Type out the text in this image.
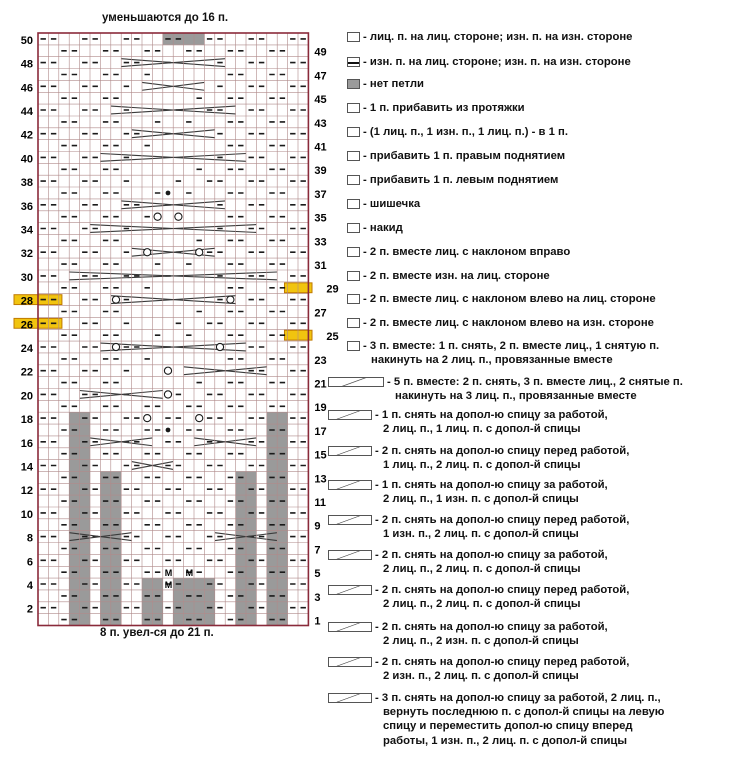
уменьшаются до 16 п.
M M
M
50
48
46
44
42
40
38
36
34
32
30
28
26
24
22
20
18
16
14
12
10
8
6
4
2
49
47
45
43
41
39
37
35
33
31
29
27
25
23
21
19
17
15
13
11
9
7
5
3
1
8 п. увел-ся до 21 п.
- лиц. п. на лиц. стороне; изн. п. на изн. стороне
- изн. п. на лиц. стороне; изн. п. на изн. стороне
- нет петли
- 1 п. прибавить из протяжки
- (1 лиц. п., 1 изн. п., 1 лиц. п.) - в 1 п.
- прибавить 1 п. правым поднятием
- прибавить 1 п. левым поднятием
- шишечка
- накид
- 2 п. вместе лиц. с наклоном вправо
- 2 п. вместе изн. на лиц. стороне
- 2 п. вместе лиц. с наклоном влево на лиц. стороне
- 2 п. вместе лиц. с наклоном влево на изн. стороне
- 3 п. вместе: 1 п. снять, 2 п. вместе лиц., 1 снятую п.
накинуть на 2 лиц. п., провязанные вместе
- 5 п. вместе: 2 п. снять, 3 п. вместе лиц., 2 снятые п.
накинуть на 3 лиц. п., провязанные вместе
- 1 п. снять на допол-ю спицу за работой,
2 лиц. п., 1 лиц. п. с допол-й спицы
- 2 п. снять на допол-ю спицу перед работой,
1 лиц. п., 2 лиц. п. с допол-й спицы
- 1 п. снять на допол-ю спицу за работой,
2 лиц. п., 1 изн. п. с допол-й спицы
- 2 п. снять на допол-ю спицу перед работой,
1 изн. п., 2 лиц. п. с допол-й спицы
- 2 п. снять на допол-ю спицу за работой,
2 лиц. п., 2 лиц. п. с допол-й спицы
- 2 п. снять на допол-ю спицу перед работой,
2 лиц. п., 2 лиц. п. с допол-й спицы
- 2 п. снять на допол-ю спицу за работой,
2 лиц. п., 2 изн. п. с допол-й спицы
- 2 п. снять на допол-ю спицу перед работой,
2 изн. п., 2 лиц. п. с допол-й спицы
- 3 п. снять на допол-ю спицу за работой, 2 лиц. п.,
вернуть последнюю п. с допол-й спицы на левую
спицу и переместить допол-ю спицу вперед
работы, 1 изн. п., 2 лиц. п. с допол-й спицы
